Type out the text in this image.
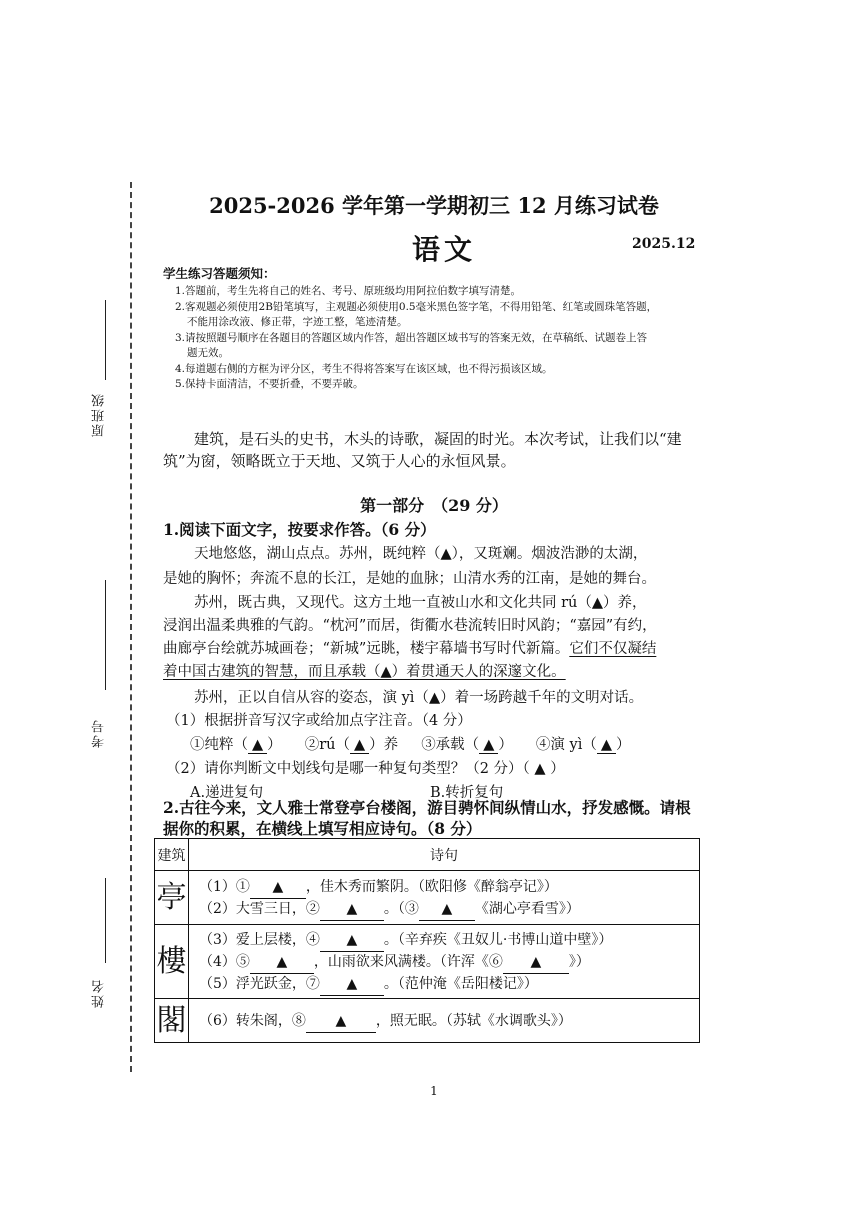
原班级
考号
姓名
2025-2026 学年第一学期初三 12 月练习试卷
语文	2025.12
学生练习答题须知：
1.答题前，考生先将自己的姓名、考号、原班级均用阿拉伯数字填写清楚。
2.客观题必须使用2B铅笔填写，主观题必须使用0.5毫米黑色签字笔，不得用铅笔、红笔或圆珠笔答题，
不能用涂改液、修正带，字迹工整，笔迹清楚。
3.请按照题号顺序在各题目的答题区域内作答，超出答题区域书写的答案无效，在草稿纸、试题卷上答
题无效。
4.每道题右侧的方框为评分区，考生不得将答案写在该区域，也不得污损该区域。
5.保持卡面清洁，不要折叠，不要弄破。
建筑，是石头的史书，木头的诗歌，凝固的时光。本次考试，让我们以“建
筑”为窗，领略既立于天地、又筑于人心的永恒风景。
第一部分　（29 分）
1.阅读下面文字，按要求作答。（6 分）
天地悠悠，湖山点点。苏州，既纯粹（▲），又斑斓。烟波浩渺的太湖，
是她的胸怀；奔流不息的长江，是她的血脉；山清水秀的江南，是她的舞台。
苏州，既古典，又现代。这方土地一直被山水和文化共同 rú（▲）养，
浸润出温柔典雅的气韵。“枕河”而居，街衢水巷流转旧时风韵；“嘉园”有约，
曲廊亭台绘就苏城画卷；“新城”远眺，楼宇幕墙书写时代新篇。它们不仅凝结
着中国古建筑的智慧，而且承载（▲）着贯通天人的深邃文化。
苏州，正以自信从容的姿态，演 yì（▲）着一场跨越千年的文明对话。
（1）根据拼音写汉字或给加点字注音。（4 分）
①纯粹（ ▲ ） ②rú（ ▲ ）养 ③承载（ ▲ ） ④演 yì（ ▲ ）
（2）请你判断文中划线句是哪一种复句类型？（2 分）（ ▲ ）
A.递进复句	B.转折复句
2.古往今来，文人雅士常登亭台楼阁，游目骋怀间纵情山水，抒发感慨。请根
据你的积累，在横线上填写相应诗句。（8 分）
建筑	诗句
亭	（1）① ▲ ，佳木秀而繁阴。（欧阳修《醉翁亭记》）
（2）大雪三日，② ▲ 。（③ ▲ 《湖心亭看雪》）

樓	（3）爱上层楼，④ ▲ 。（辛弃疾《丑奴儿·书博山道中壁》）
（4）⑤ ▲ ，山雨欲来风满楼。（许浑《⑥ ▲ 》）
（5）浮光跃金，⑦ ▲ 。（范仲淹《岳阳楼记》）

閣	（6）转朱阁，⑧ ▲ ，照无眠。（苏轼《水调歌头》）
1
